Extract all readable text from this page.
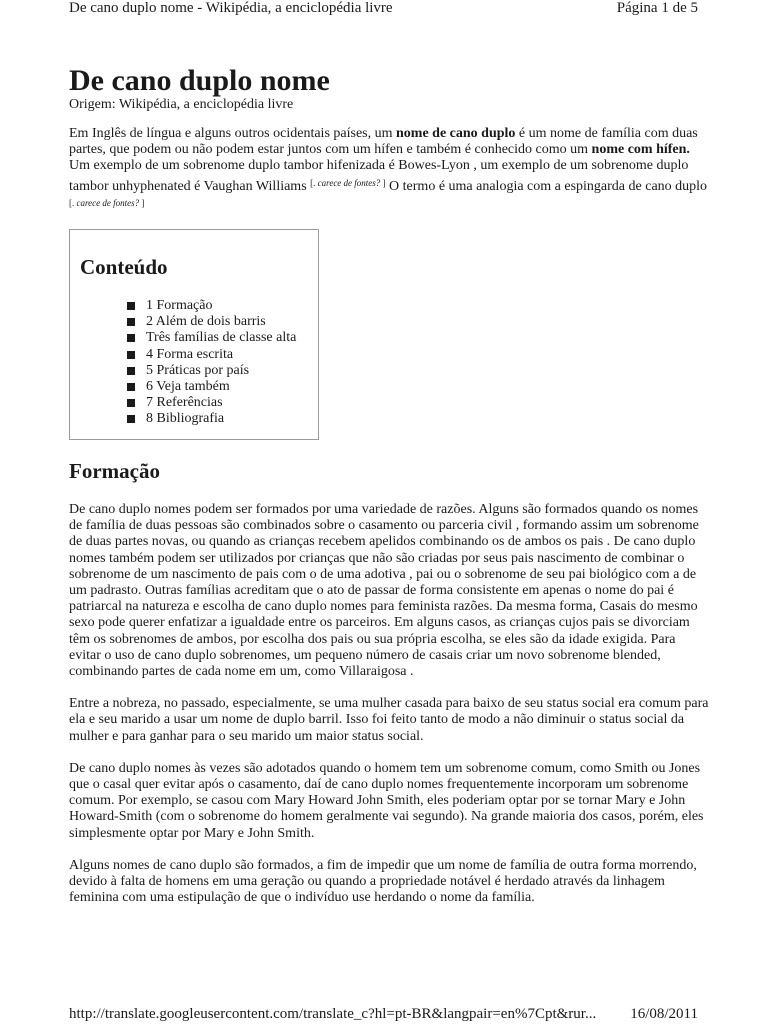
De cano duplo nome - Wikipédia, a enciclopédia livre	Página 1 de 5
De cano duplo nome
Origem: Wikipédia, a enciclopédia livre

Em Inglês de língua e alguns outros ocidentais países, um nome de cano duplo é um nome de família com duas partes, que podem ou não podem estar juntos com um hífen e também é conhecido como um nome com hífen. Um exemplo de um sobrenome duplo tambor hifenizada é Bowes-Lyon , um exemplo de um sobrenome duplo tambor unhyphenated é Vaughan Williams [. carece de fontes? ] O termo é uma analogia com a espingarda de cano duplo [. carece de fontes? ]

Conteúdo
1 Formação
2 Além de dois barris
Três famílias de classe alta
4 Forma escrita
5 Práticas por país
6 Veja também
7 Referências
8 Bibliografia
Formação

De cano duplo nomes podem ser formados por uma variedade de razões. Alguns são formados quando os nomes de família de duas pessoas são combinados sobre o casamento ou parceria civil , formando assim um sobrenome de duas partes novas, ou quando as crianças recebem apelidos combinando os de ambos os pais . De cano duplo nomes também podem ser utilizados por crianças que não são criadas por seus pais nascimento de combinar o sobrenome de um nascimento de pais com o de uma adotiva , pai ou o sobrenome de seu pai biológico com a de um padrasto. Outras famílias acreditam que o ato de passar de forma consistente em apenas o nome do pai é patriarcal na natureza e escolha de cano duplo nomes para feminista razões. Da mesma forma, Casais do mesmo sexo pode querer enfatizar a igualdade entre os parceiros. Em alguns casos, as crianças cujos pais se divorciam têm os sobrenomes de ambos, por escolha dos pais ou sua própria escolha, se eles são da idade exigida. Para evitar o uso de cano duplo sobrenomes, um pequeno número de casais criar um novo sobrenome blended, combinando partes de cada nome em um, como Villaraigosa .

Entre a nobreza, no passado, especialmente, se uma mulher casada para baixo de seu status social era comum para ela e seu marido a usar um nome de duplo barril. Isso foi feito tanto de modo a não diminuir o status social da mulher e para ganhar para o seu marido um maior status social.

De cano duplo nomes às vezes são adotados quando o homem tem um sobrenome comum, como Smith ou Jones que o casal quer evitar após o casamento, daí de cano duplo nomes frequentemente incorporam um sobrenome comum. Por exemplo, se casou com Mary Howard John Smith, eles poderiam optar por se tornar Mary e John Howard-Smith (com o sobrenome do homem geralmente vai segundo). Na grande maioria dos casos, porém, eles simplesmente optar por Mary e John Smith.

Alguns nomes de cano duplo são formados, a fim de impedir que um nome de família de outra forma morrendo, devido à falta de homens em uma geração ou quando a propriedade notável é herdado através da linhagem feminina com uma estipulação de que o indivíduo use herdando o nome da família.

http://translate.googleusercontent.com/translate_c?hl=pt-BR&langpair=en%7Cpt&rur... 16/08/2011
